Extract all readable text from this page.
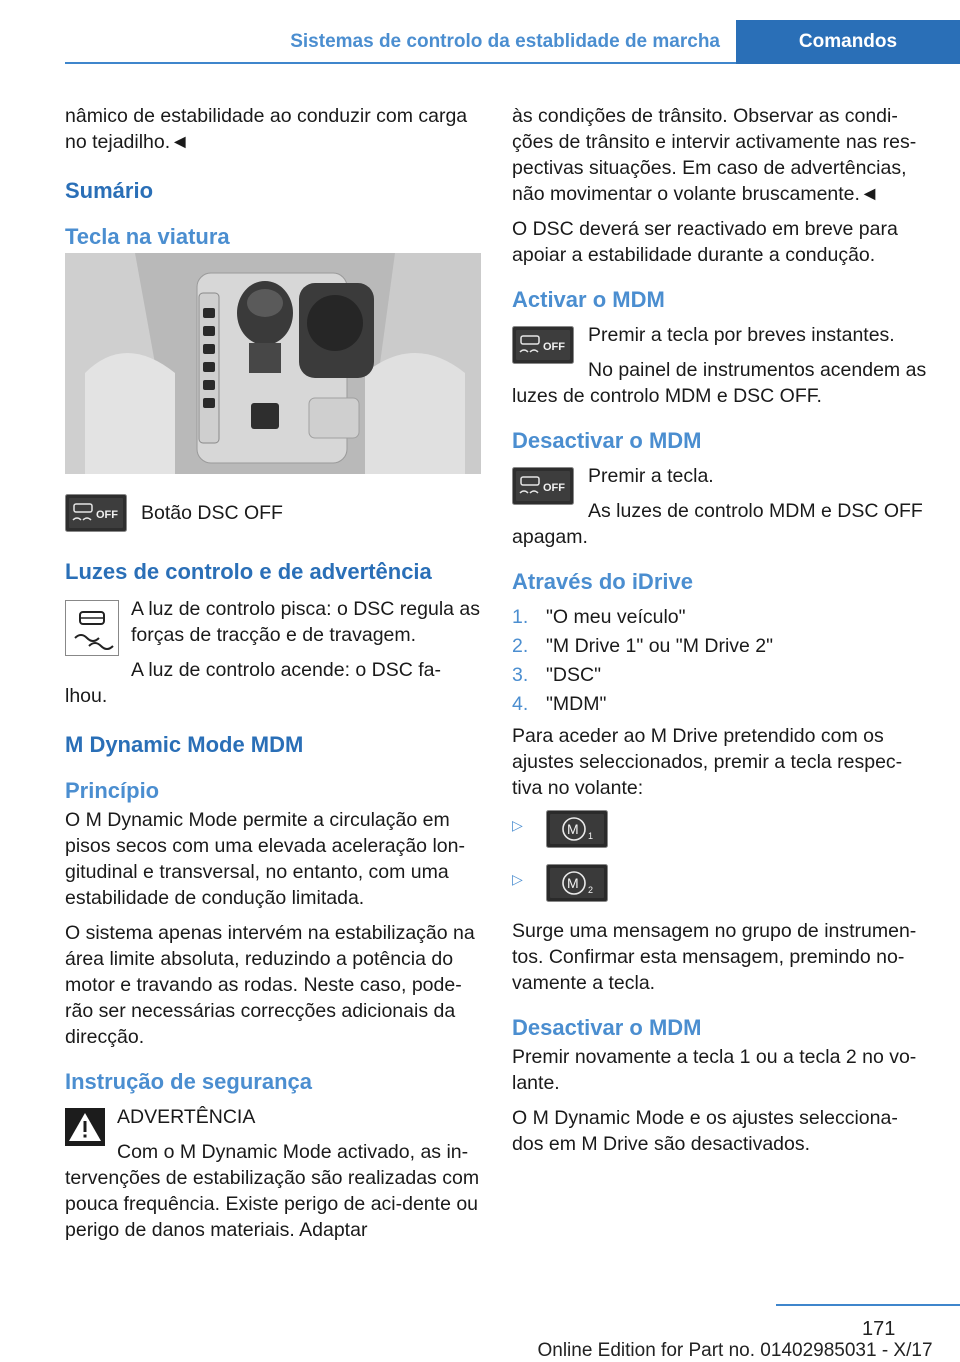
Sistemas de controlo da establidade de marcha	Comandos

nâmico de estabilidade ao conduzir com carga no tejadilho.◄

Sumário
Tecla na viatura
OFF	Botão DSC OFF

Luzes de controlo e de advertência

A luz de controlo pisca: o DSC regula as forças de tracção e de travagem.

A luz de controlo acende: o DSC fa-lhou.

M Dynamic Mode MDM
Princípio

O M Dynamic Mode permite a circulação em pisos secos com uma elevada aceleração lon-gitudinal e transversal, no entanto, com uma estabilidade de condução limitada.

O sistema apenas intervém na estabilização na área limite absoluta, reduzindo a potência do motor e travando as rodas. Neste caso, pode-rão ser necessárias correcções adicionais da direcção.

Instrução de segurança

ADVERTÊNCIA

Com o M Dynamic Mode activado, as in-tervenções de estabilização são realizadas com pouca frequência. Existe perigo de aci-dente ou perigo de danos materiais. Adaptar

às condições de trânsito. Observar as condi-ções de trânsito e intervir activamente nas res-pectivas situações. Em caso de advertências, não movimentar o volante bruscamente.◄

O DSC deverá ser reactivado em breve para apoiar a estabilidade durante a condução.

Activar o MDM
OFF

Premir a tecla por breves instantes.

No painel de instrumentos acendem as luzes de controlo MDM e DSC OFF.

Desactivar o MDM
OFF

Premir a tecla.

As luzes de controlo MDM e DSC OFF apagam.

Através do iDrive
1. "O meu veículo"
2. "M Drive 1" ou "M Drive 2"
3. "DSC"
4. "MDM"

Para aceder ao M Drive pretendido com os ajustes seleccionados, premir a tecla respec-tiva no volante:

▷	M 1
▷	M 2

Surge uma mensagem no grupo de instrumen-tos. Confirmar esta mensagem, premindo no-vamente a tecla.

Desactivar o MDM

Premir novamente a tecla 1 ou a tecla 2 no vo-lante.

O M Dynamic Mode e os ajustes selecciona-dos em M Drive são desactivados.

171
Online Edition for Part no. 01402985031 - X/17
